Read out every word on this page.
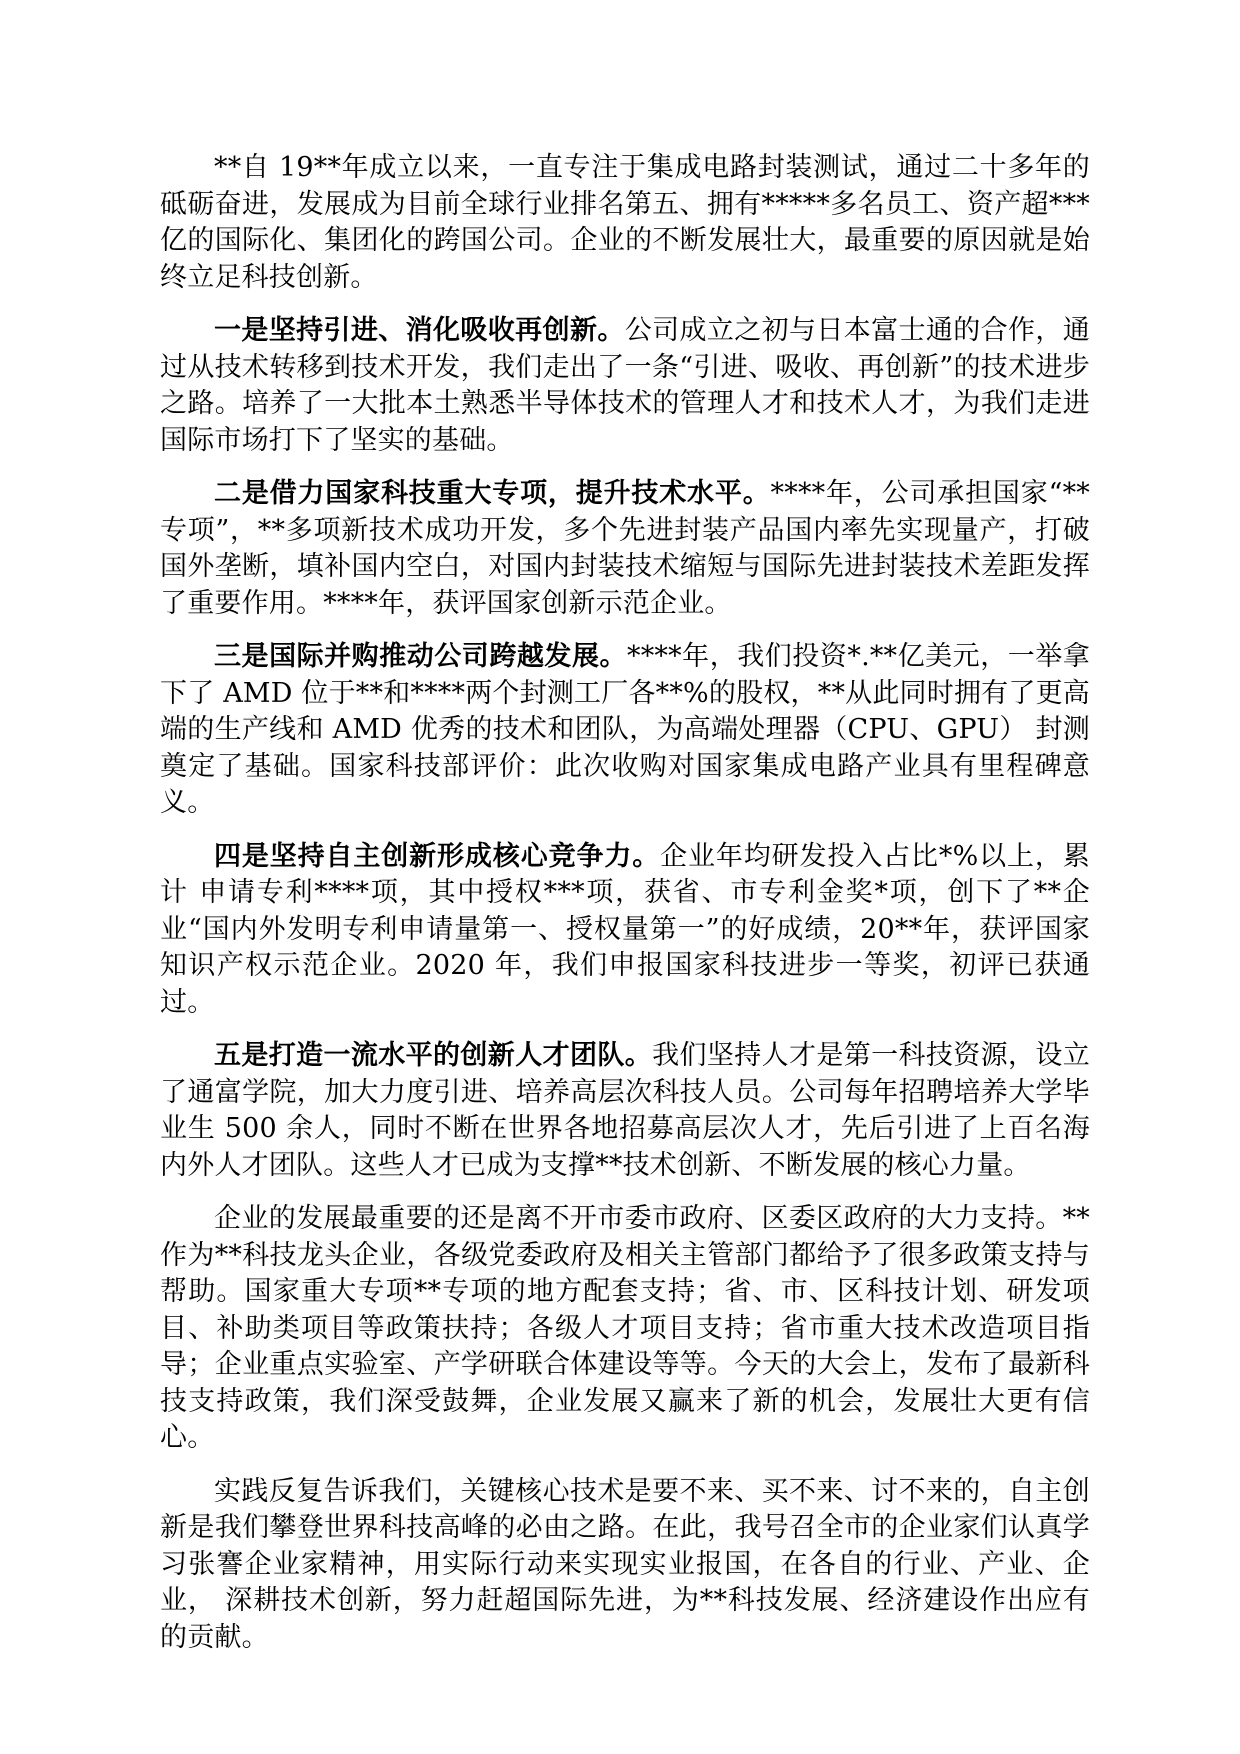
**自 19**年成立以来，一直专注于集成电路封装测试，通过二十多年的砥砺奋进，发展成为目前全球行业排名第五、拥有*****多名员工、资产超***亿的国际化、集团化的跨国公司。企业的不断发展壮大，最重要的原因就是始终立足科技创新。

一是坚持引进、消化吸收再创新。公司成立之初与日本富士通的合作，通 过从技术转移到技术开发，我们走出了一条“引进、吸收、再创新”的技术进步之路。培养了一大批本土熟悉半导体技术的管理人才和技术人才，为我们走进国际市场打下了坚实的基础。

二是借力国家科技重大专项，提升技术水平。****年，公司承担国家“** 专项”，**多项新技术成功开发，多个先进封装产品国内率先实现量产，打破国外垄断，填补国内空白，对国内封装技术缩短与国际先进封装技术差距发挥了重要作用。****年，获评国家创新示范企业。

三是国际并购推动公司跨越发展。****年，我们投资*.**亿美元，一举拿下了 AMD 位于**和****两个封测工厂各**%的股权，**从此同时拥有了更高端的生产线和 AMD 优秀的技术和团队，为高端处理器（CPU、GPU） 封测奠定了基础。国家科技部评价：此次收购对国家集成电路产业具有里程碑意义。

四是坚持自主创新形成核心竞争力。企业年均研发投入占比*%以上，累计 申请专利****项，其中授权***项，获省、市专利金奖*项，创下了**企业“国内外发明专利申请量第一、授权量第一”的好成绩，20**年，获评国家知识产权示范企业。2020 年，我们申报国家科技进步一等奖，初评已获通过。

五是打造一流水平的创新人才团队。我们坚持人才是第一科技资源，设立 了通富学院，加大力度引进、培养高层次科技人员。公司每年招聘培养大学毕业生 500 余人，同时不断在世界各地招募高层次人才，先后引进了上百名海内外人才团队。这些人才已成为支撑**技术创新、不断发展的核心力量。

企业的发展最重要的还是离不开市委市政府、区委区政府的大力支持。**作为**科技龙头企业，各级党委政府及相关主管部门都给予了很多政策支持与帮助。国家重大专项**专项的地方配套支持；省、市、区科技计划、研发项目、补助类项目等政策扶持；各级人才项目支持；省市重大技术改造项目指导；企业重点实验室、产学研联合体建设等等。今天的大会上，发布了最新科技支持政策，我们深受鼓舞，企业发展又赢来了新的机会，发展壮大更有信心。

实践反复告诉我们，关键核心技术是要不来、买不来、讨不来的，自主创新是我们攀登世界科技高峰的必由之路。在此，我号召全市的企业家们认真学习张謇企业家精神，用实际行动来实现实业报国，在各自的行业、产业、企业， 深耕技术创新，努力赶超国际先进，为**科技发展、经济建设作出应有的贡献。
